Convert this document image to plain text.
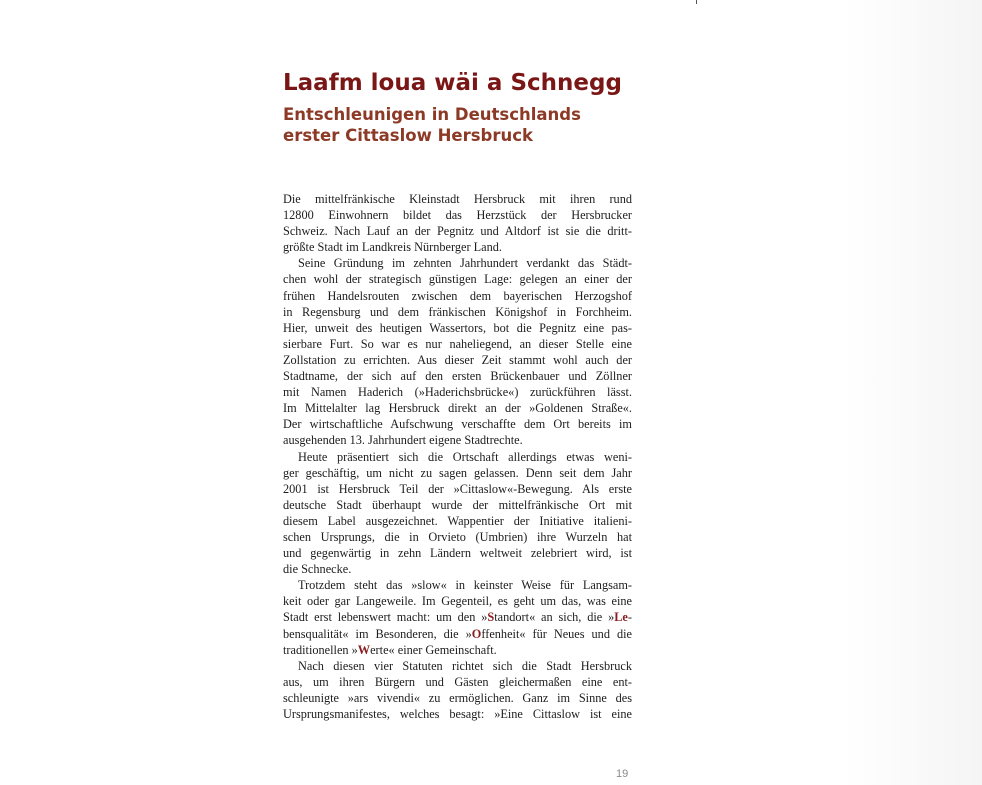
Laafm loua wäi a Schnegg
Entschleunigen in Deutschlands
erster Cittaslow Hersbruck
Die mittelfränkische Kleinstadt Hersbruck mit ihren rund
12800 Einwohnern bildet das Herzstück der Hersbrucker
Schweiz. Nach Lauf an der Pegnitz und Altdorf ist sie die dritt-
größte Stadt im Landkreis Nürnberger Land.
Seine Gründung im zehnten Jahrhundert verdankt das Städt-
chen wohl der strategisch günstigen Lage: gelegen an einer der
frühen Handelsrouten zwischen dem bayerischen Herzogshof
in Regensburg und dem fränkischen Königshof in Forchheim.
Hier, unweit des heutigen Wassertors, bot die Pegnitz eine pas-
sierbare Furt. So war es nur naheliegend, an dieser Stelle eine
Zollstation zu errichten. Aus dieser Zeit stammt wohl auch der
Stadtname, der sich auf den ersten Brückenbauer und Zöllner
mit Namen Haderich (»Haderichsbrücke«) zurückführen lässt.
Im Mittelalter lag Hersbruck direkt an der »Goldenen Straße«.
Der wirtschaftliche Aufschwung verschaffte dem Ort bereits im
ausgehenden 13. Jahrhundert eigene Stadtrechte.
Heute präsentiert sich die Ortschaft allerdings etwas weni-
ger geschäftig, um nicht zu sagen gelassen. Denn seit dem Jahr
2001 ist Hersbruck Teil der »Cittaslow«-Bewegung. Als erste
deutsche Stadt überhaupt wurde der mittelfränkische Ort mit
diesem Label ausgezeichnet. Wappentier der Initiative italieni-
schen Ursprungs, die in Orvieto (Umbrien) ihre Wurzeln hat
und gegenwärtig in zehn Ländern weltweit zelebriert wird, ist
die Schnecke.
Trotzdem steht das »slow« in keinster Weise für Langsam-
keit oder gar Langeweile. Im Gegenteil, es geht um das, was eine
Stadt erst lebenswert macht: um den »Standort« an sich, die »Le-
bensqualität« im Besonderen, die »Offenheit« für Neues und die
traditionellen »Werte« einer Gemeinschaft.
Nach diesen vier Statuten richtet sich die Stadt Hersbruck
aus, um ihren Bürgern und Gästen gleichermaßen eine ent-
schleunigte »ars vivendi« zu ermöglichen. Ganz im Sinne des
Ursprungsmanifestes, welches besagt: »Eine Cittaslow ist eine
19
